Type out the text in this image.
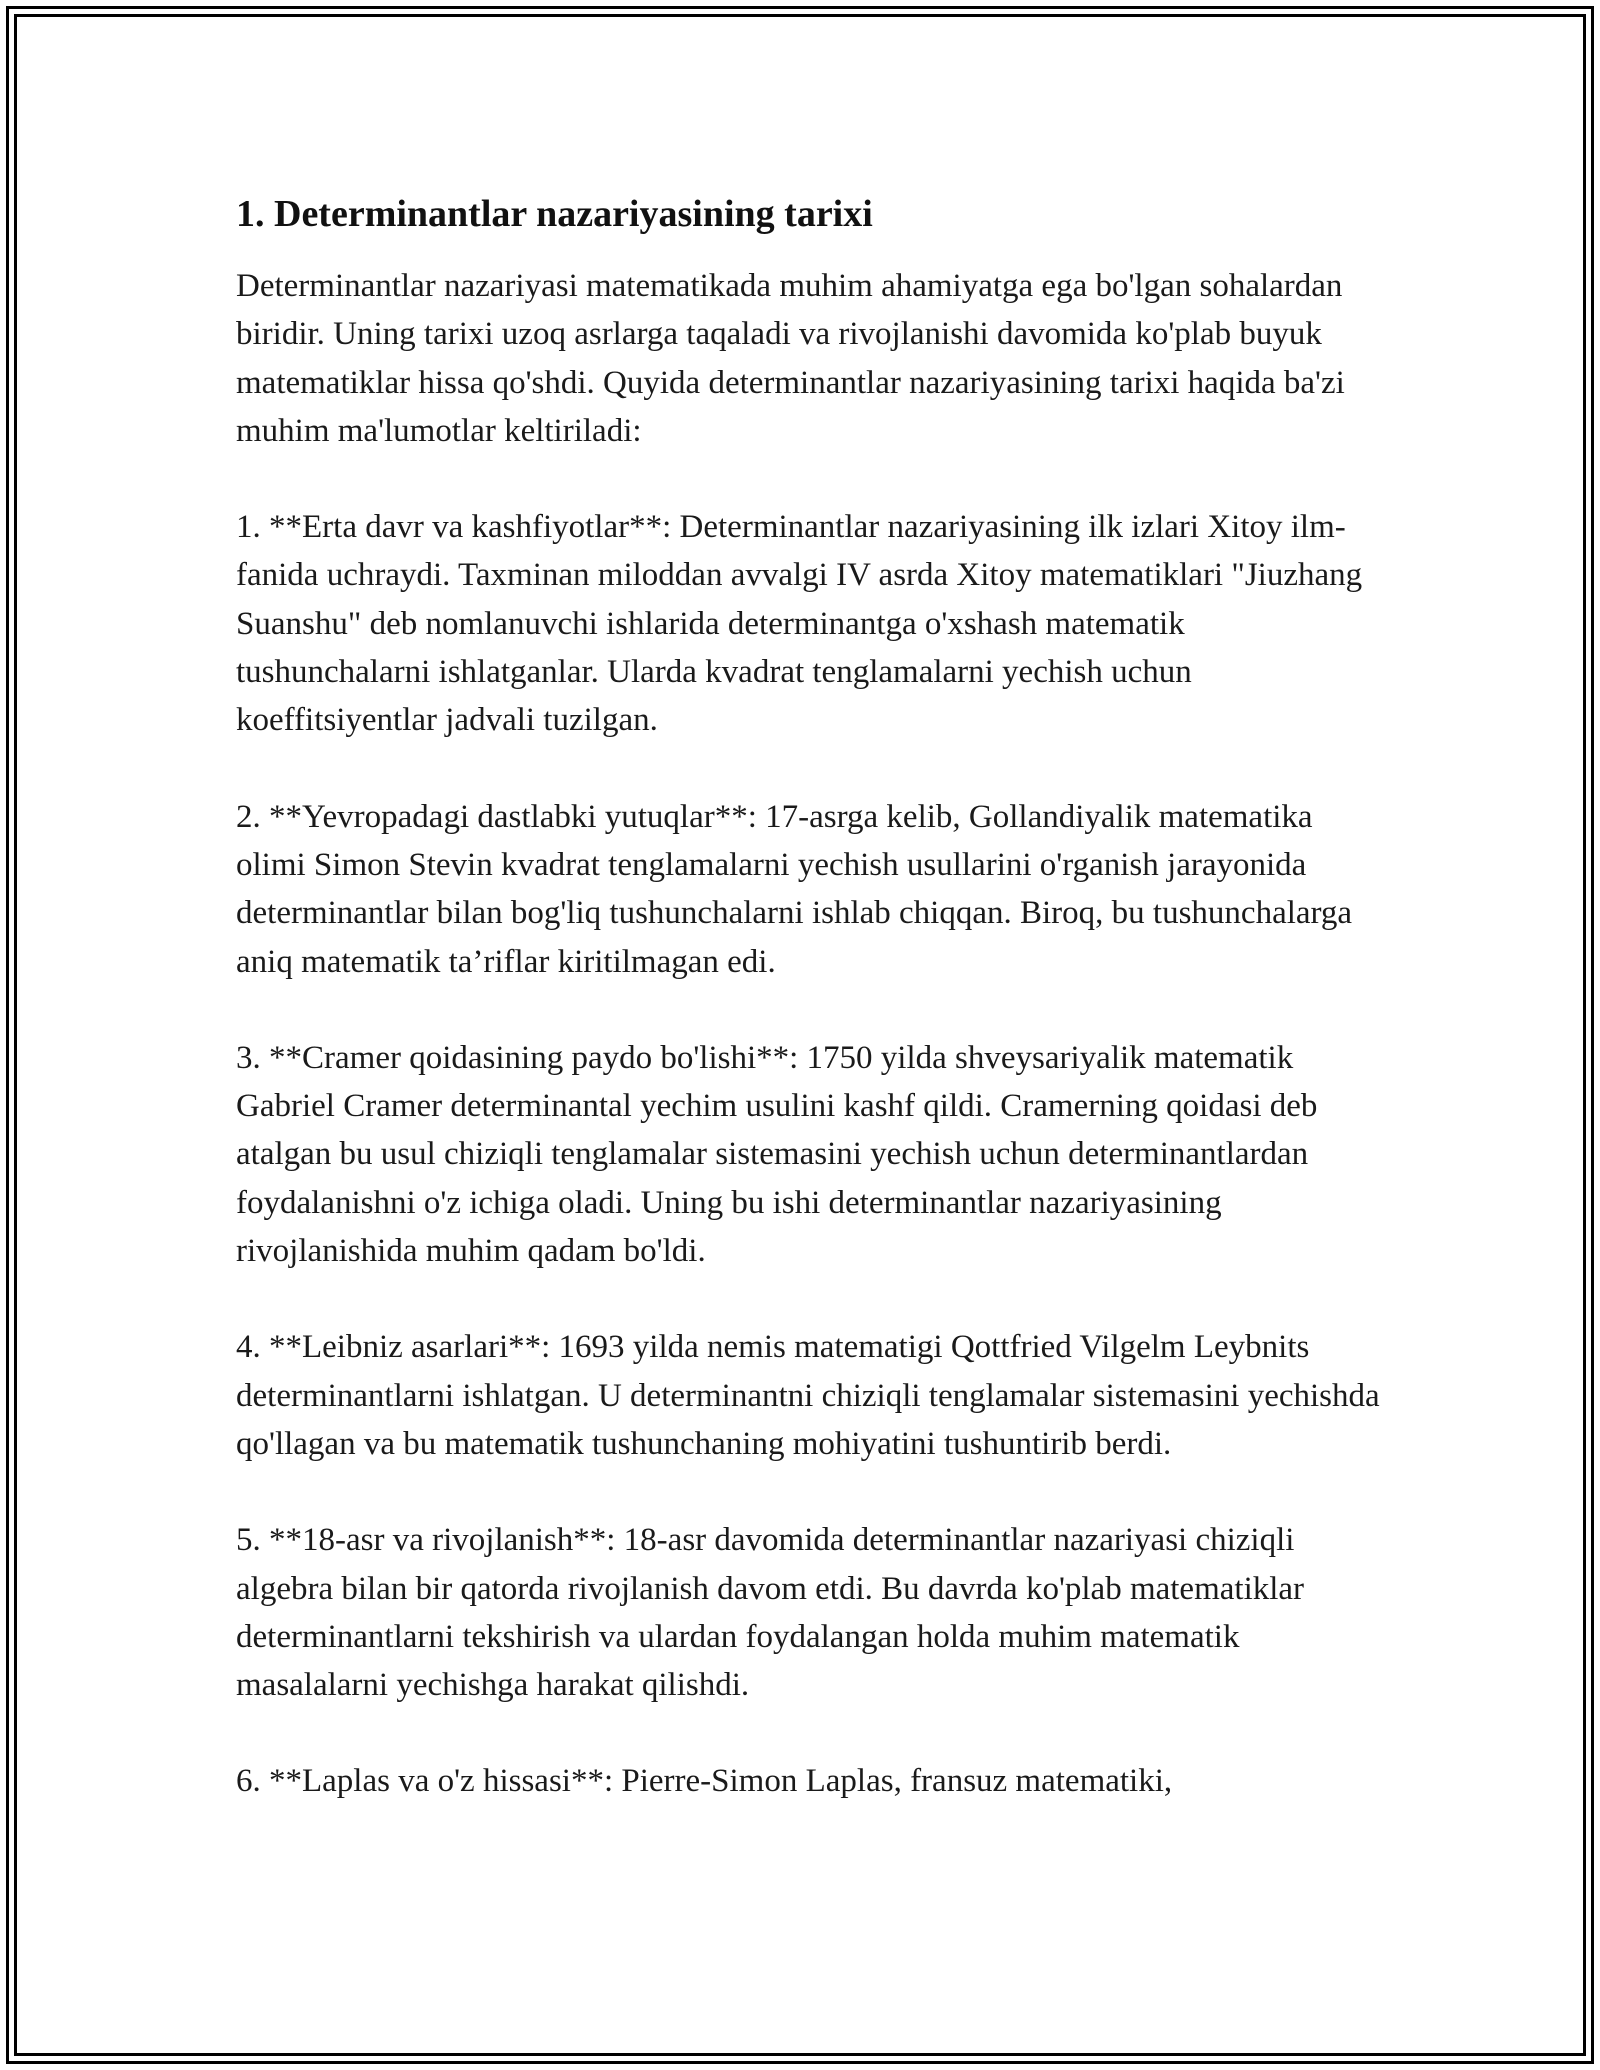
1. Determinantlar nazariyasining tarixi

Determinantlar nazariyasi matematikada muhim ahamiyatga ega bo'lgan sohalardan biridir. Uning tarixi uzoq asrlarga taqaladi va rivojlanishi davomida ko'plab buyuk matematiklar hissa qo'shdi. Quyida determinantlar nazariyasining tarixi haqida ba'zi muhim ma'lumotlar keltiriladi:

1. **Erta davr va kashfiyotlar**: Determinantlar nazariyasining ilk izlari Xitoy ilm-fanida uchraydi. Taxminan miloddan avvalgi IV asrda Xitoy matematiklari "Jiuzhang Suanshu" deb nomlanuvchi ishlarida determinantga o'xshash matematik tushunchalarni ishlatganlar. Ularda kvadrat tenglamalarni yechish uchun koeffitsiyentlar jadvali tuzilgan.

2. **Yevropadagi dastlabki yutuqlar**: 17-asrga kelib, Gollandiyalik matematika olimi Simon Stevin kvadrat tenglamalarni yechish usullarini o'rganish jarayonida determinantlar bilan bog'liq tushunchalarni ishlab chiqqan. Biroq, bu tushunchalarga aniq matematik ta’riflar kiritilmagan edi.

3. **Cramer qoidasining paydo bo'lishi**: 1750 yilda shveysariyalik matematik Gabriel Cramer determinantal yechim usulini kashf qildi. Cramerning qoidasi deb atalgan bu usul chiziqli tenglamalar sistemasini yechish uchun determinantlardan foydalanishni o'z ichiga oladi. Uning bu ishi determinantlar nazariyasining rivojlanishida muhim qadam bo'ldi.

4. **Leibniz asarlari**: 1693 yilda nemis matematigi Qottfried Vilgelm Leybnits determinantlarni ishlatgan. U determinantni chiziqli tenglamalar sistemasini yechishda qo'llagan va bu matematik tushunchaning mohiyatini tushuntirib berdi.

5. **18-asr va rivojlanish**: 18-asr davomida determinantlar nazariyasi chiziqli algebra bilan bir qatorda rivojlanish davom etdi. Bu davrda ko'plab matematiklar determinantlarni tekshirish va ulardan foydalangan holda muhim matematik masalalarni yechishga harakat qilishdi.

6. **Laplas va o'z hissasi**: Pierre-Simon Laplas, fransuz matematiki,
